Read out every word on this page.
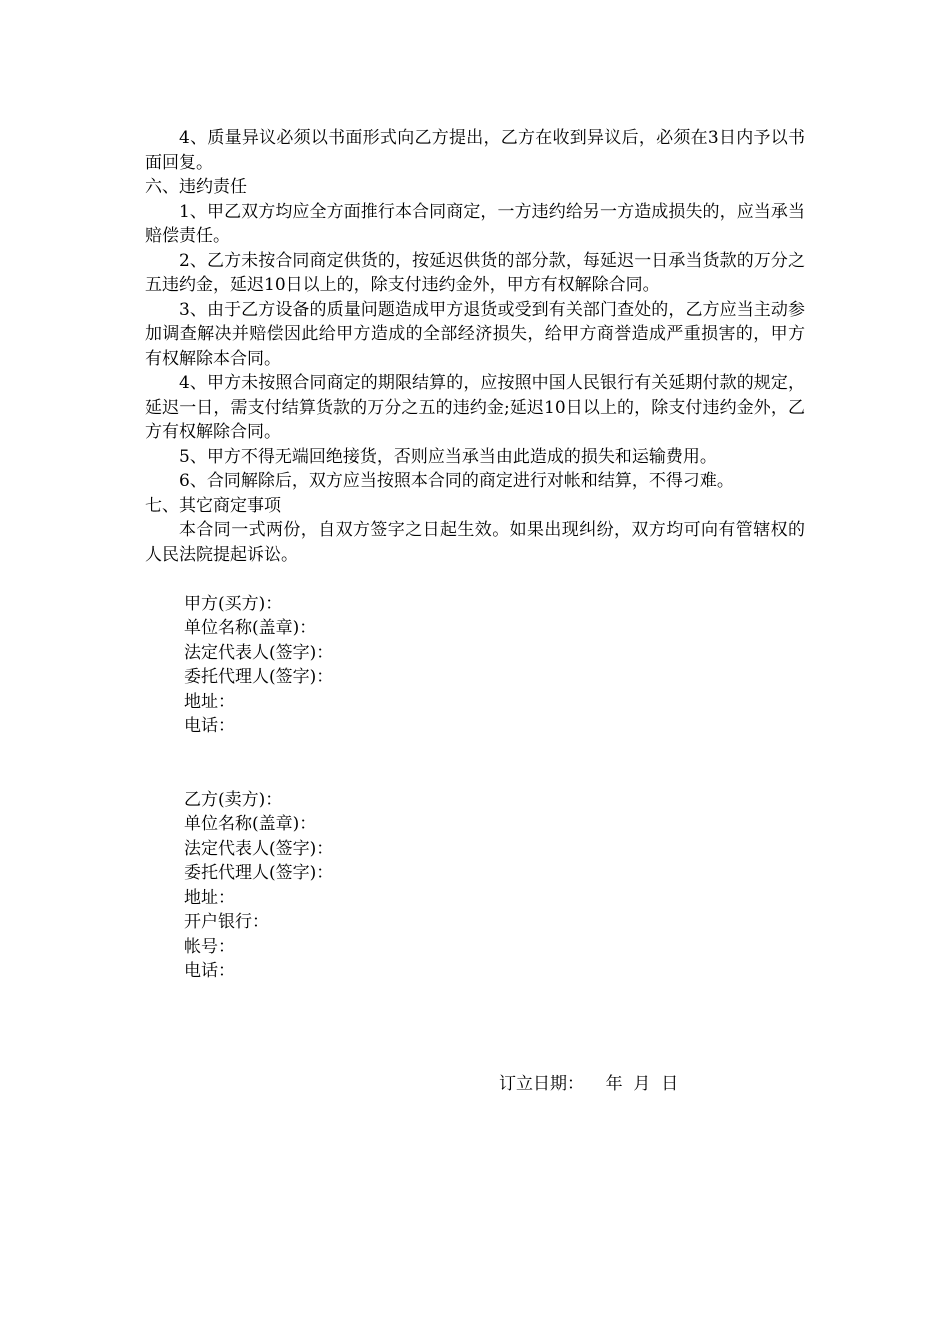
4、质量异议必须以书面形式向乙方提出，乙方在收到异议后，必须在3日内予以书面回复。

六、违约责任

1、甲乙双方均应全方面推行本合同商定，一方违约给另一方造成损失的，应当承当赔偿责任。

2、乙方未按合同商定供货的，按延迟供货的部分款，每延迟一日承当货款的万分之五违约金，延迟10日以上的，除支付违约金外，甲方有权解除合同。

3、由于乙方设备的质量问题造成甲方退货或受到有关部门查处的，乙方应当主动参加调查解决并赔偿因此给甲方造成的全部经济损失，给甲方商誉造成严重损害的，甲方有权解除本合同。

4、甲方未按照合同商定的期限结算的，应按照中国人民银行有关延期付款的规定，延迟一日，需支付结算货款的万分之五的违约金;延迟10日以上的，除支付违约金外，乙方有权解除合同。

5、甲方不得无端回绝接货，否则应当承当由此造成的损失和运输费用。

6、合同解除后，双方应当按照本合同的商定进行对帐和结算，不得刁难。

七、其它商定事项

本合同一式两份，自双方签字之日起生效。如果出现纠纷，双方均可向有管辖权的人民法院提起诉讼。

甲方(买方)：

单位名称(盖章)：

法定代表人(签字)：

委托代理人(签字)：

地址：

电话：

乙方(卖方)：

单位名称(盖章)：

法定代表人(签字)：

委托代理人(签字)：

地址：

开户银行：

帐号：

电话：

订立日期：    年  月  日
